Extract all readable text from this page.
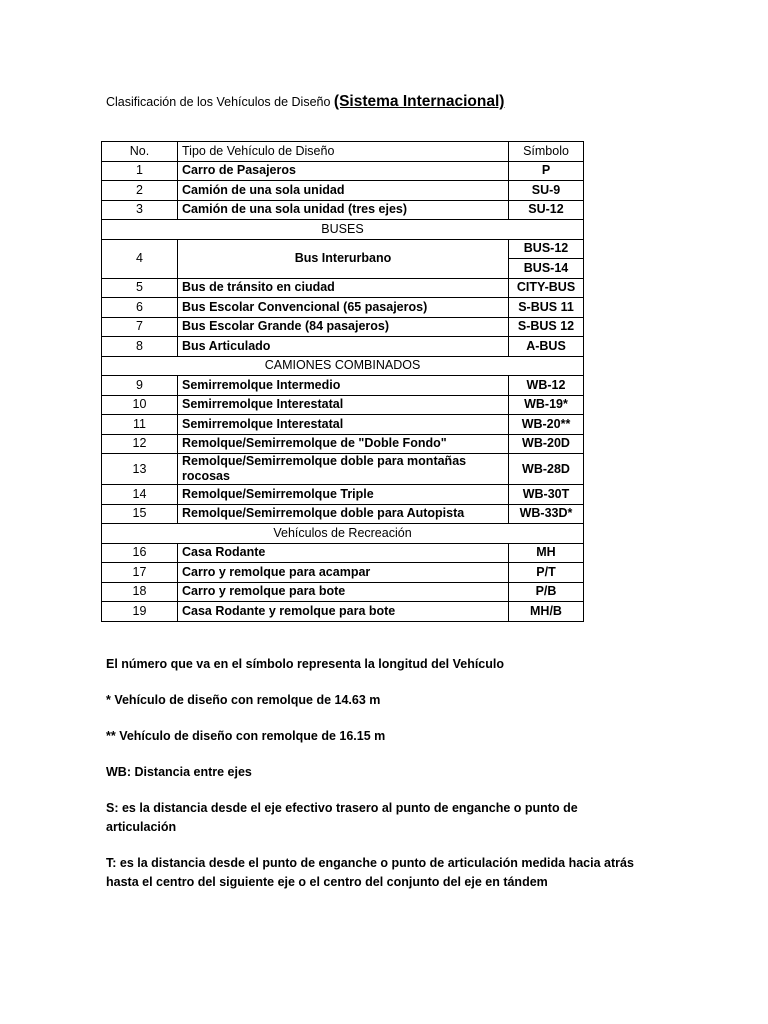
Clasificación de los Vehículos de Diseño (Sistema Internacional)
No.	Tipo de Vehículo de Diseño	Símbolo
1	Carro de Pasajeros	P
2	Camión de una sola unidad	SU-9
3	Camión de una sola unidad (tres ejes)	SU-12
BUSES		
4	Bus Interurbano	BUS-12
		BUS-14
5	Bus de tránsito en ciudad	CITY-BUS
6	Bus Escolar Convencional (65 pasajeros)	S-BUS 11
7	Bus Escolar Grande (84 pasajeros)	S-BUS 12
8	Bus Articulado	A-BUS
CAMIONES COMBINADOS		
9	Semirremolque Intermedio	WB-12
10	Semirremolque Interestatal	WB-19*
11	Semirremolque Interestatal	WB-20**
12	Remolque/Semirremolque de "Doble Fondo"	WB-20D
13	Remolque/Semirremolque doble para montañas rocosas	WB-28D
14	Remolque/Semirremolque Triple	WB-30T
15	Remolque/Semirremolque doble para Autopista	WB-33D*
Vehículos de Recreación		
16	Casa Rodante	MH
17	Carro y remolque para acampar	P/T
18	Carro y remolque para bote	P/B
19	Casa Rodante y remolque para bote	MH/B

El número que va en el símbolo representa la longitud del Vehículo

* Vehículo de diseño con remolque de 14.63 m

** Vehículo de diseño con remolque de 16.15 m

WB: Distancia entre ejes

S: es la distancia desde el eje efectivo trasero al punto de enganche o punto de articulación

T: es la distancia desde el punto de enganche o punto de articulación medida hacia atrás hasta el centro del siguiente eje o el centro del conjunto del eje en tándem
